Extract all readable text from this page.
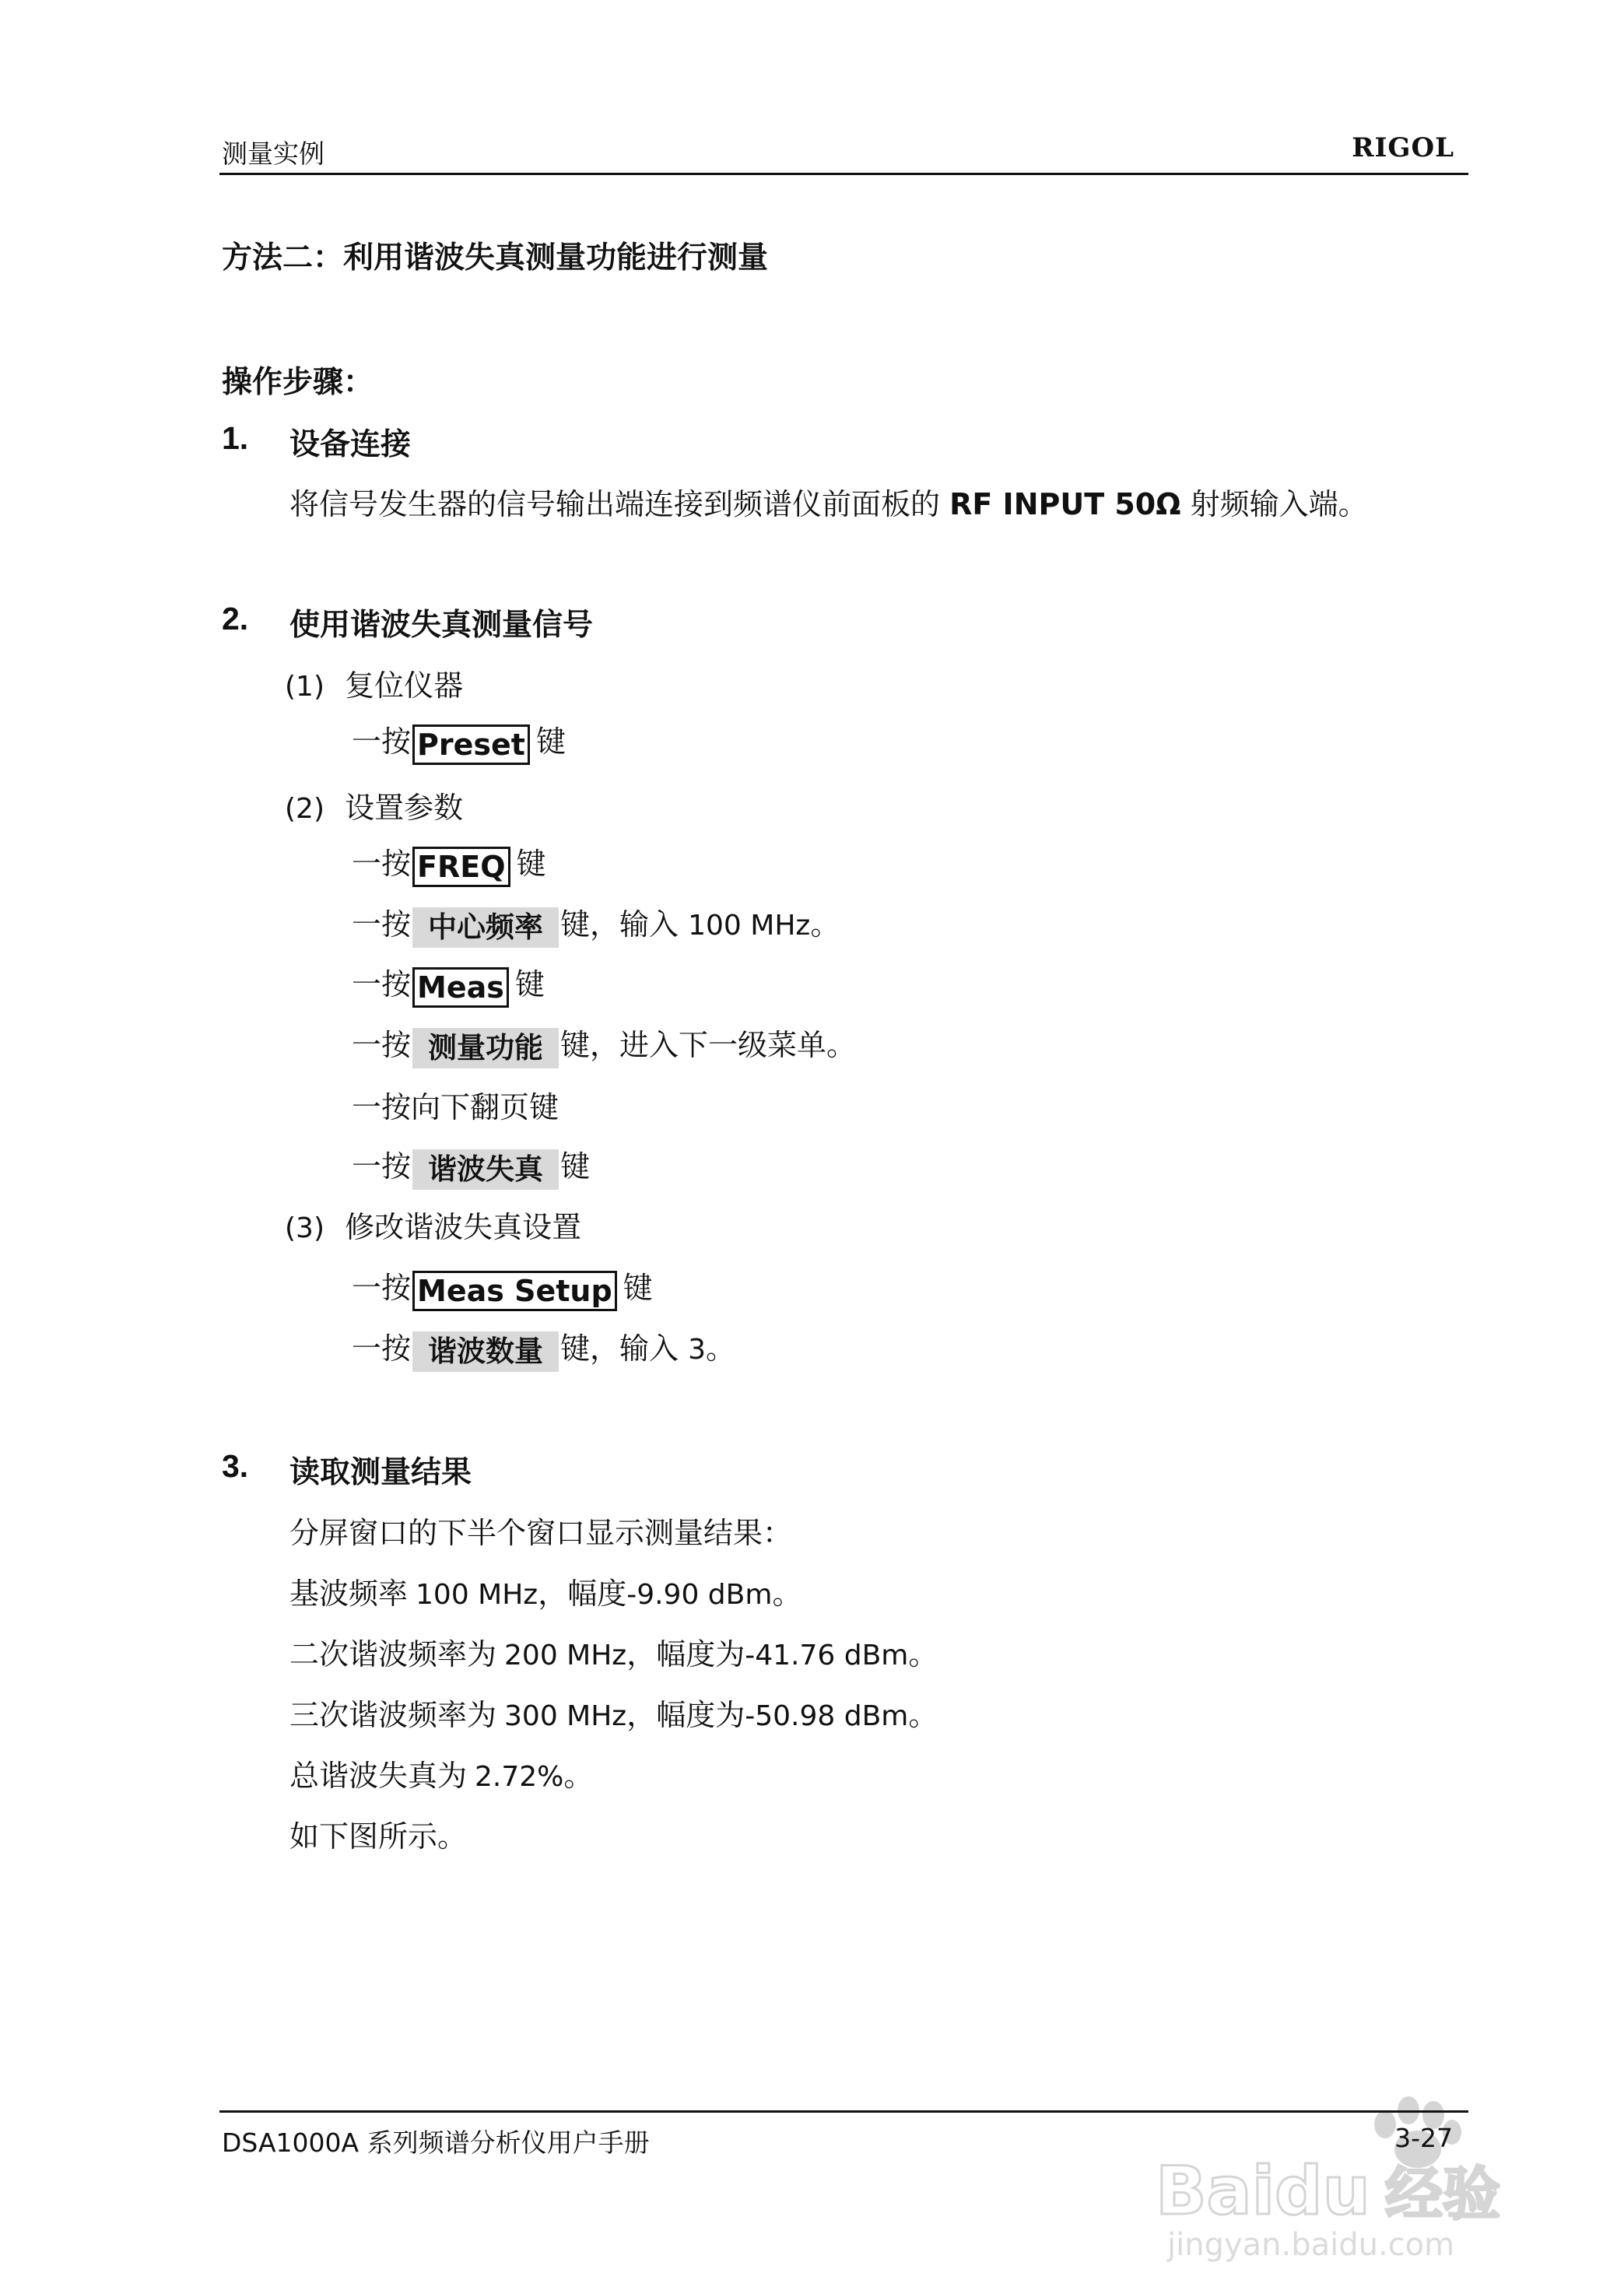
测量实例	RIGOL
方法二：利用谐波失真测量功能进行测量
操作步骤：
1. 设备连接
将信号发生器的信号输出端连接到频谱仪前面板的 RF INPUT 50Ω 射频输入端。
2. 使用谐波失真测量信号
(1) 复位仪器
一按 Preset 键
(2) 设置参数
一按 FREQ 键
一按 中心频率 键，输入 100 MHz。
一按 Meas 键
一按 测量功能 键，进入下一级菜单。
一按向下翻页键
一按 谐波失真 键
(3) 修改谐波失真设置
一按 Meas Setup 键
一按 谐波数量 键，输入 3。
3. 读取测量结果
分屏窗口的下半个窗口显示测量结果：
基波频率 100 MHz，幅度-9.90 dBm。
二次谐波频率为 200 MHz，幅度为-41.76 dBm。
三次谐波频率为 300 MHz，幅度为-50.98 dBm。
总谐波失真为 2.72%。
如下图所示。
Baidu 经验
jingyan.baidu.com
DSA1000A 系列频谱分析仪用户手册	3-27
